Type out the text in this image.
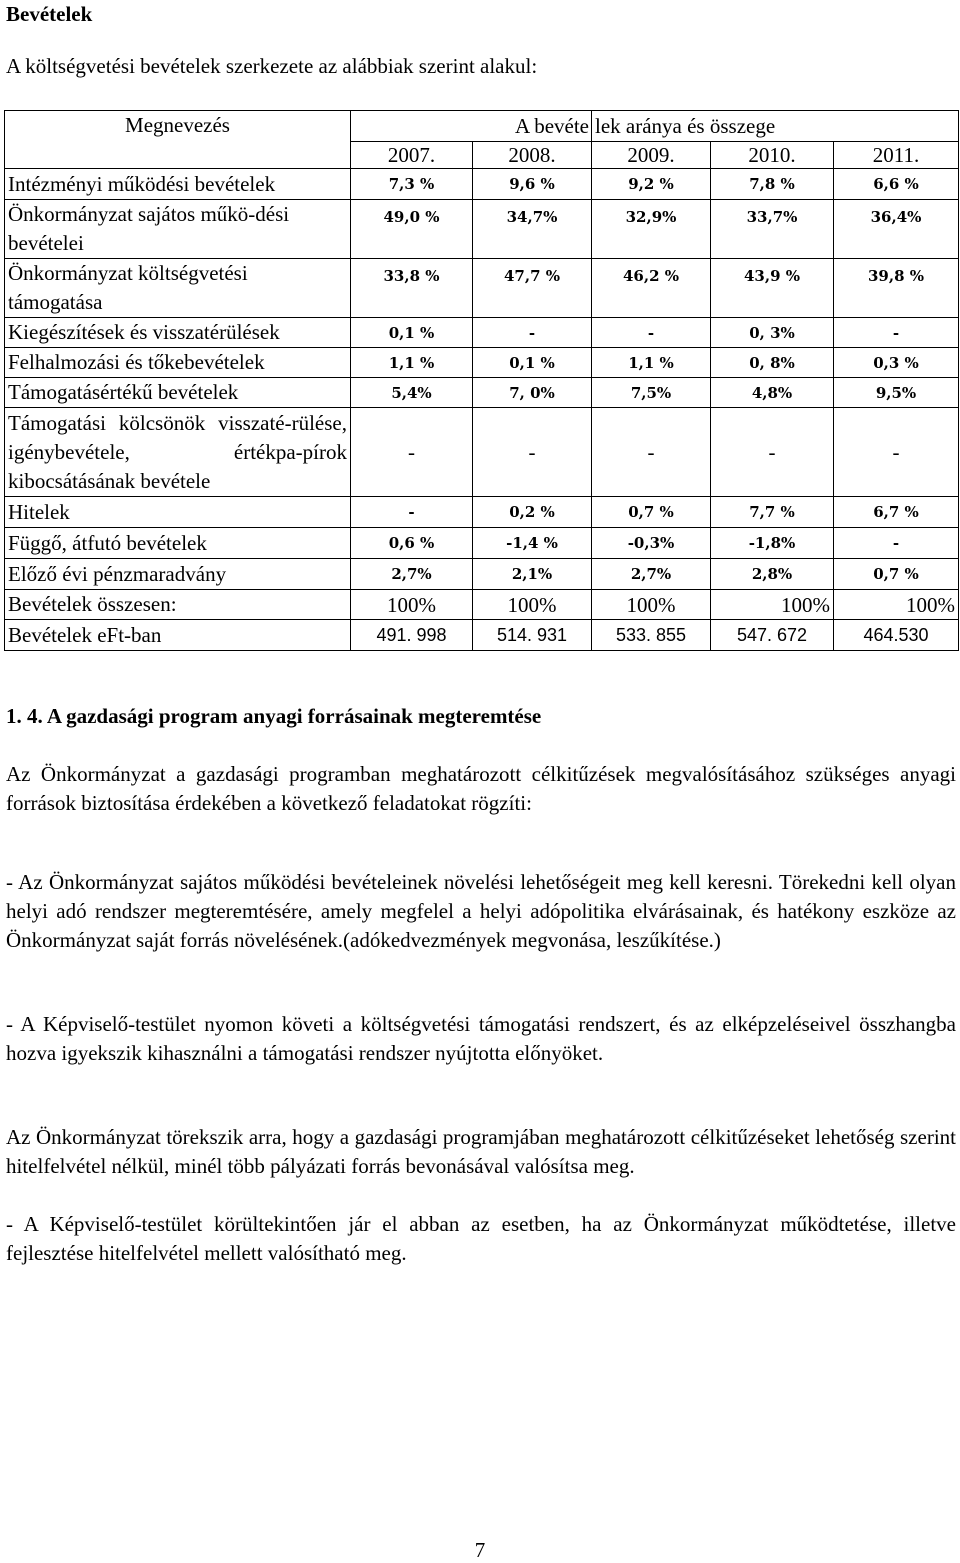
Bevételek
A költségvetési bevételek szerkezete az alábbiak szerint alakul:
Megnevezés	A bevéte		lek aránya és összege		
	2007.	2008.	2009.	2010.	2011.
Intézményi működési bevételek	7,3 %	9,6 %	9,2 %	7,8 %	6,6 %
Önkormányzat sajátos műkö-dési bevételei	49,0 %	34,7%	32,9%	33,7%	36,4%
Önkormányzat költségvetési támogatása	33,8 %	47,7 %	46,2 %	43,9 %	39,8 %
Kiegészítések és visszatérülések	0,1 %	-	-	0, 3%	-
Felhalmozási és tőkebevételek	1,1 %	0,1 %	1,1 %	0, 8%	0,3 %
Támogatásértékű bevételek	5,4%	7, 0%	7,5%	4,8%	9,5%
Támogatási kölcsönök visszaté-rülése, igénybevétele, értékpa-pírok kibocsátásának bevétele	-	-	-	-	-
Hitelek	-	0,2 %	0,7 %	7,7 %	6,7 %
Függő, átfutó bevételek	0,6 %	-1,4 %	-0,3%	-1,8%	-
Előző évi pénzmaradvány	2,7%	2,1%	2,7%	2,8%	0,7 %
Bevételek összesen:	100%	100%	100%	100%	100%
Bevételek eFt-ban	491. 998	514. 931	533. 855	547. 672	464.530
1. 4. A gazdasági program anyagi forrásainak megteremtése
Az Önkormányzat a gazdasági programban meghatározott célkitűzések megvalósításához szükséges anyagi források biztosítása érdekében a következő feladatokat rögzíti:
- Az Önkormányzat sajátos működési bevételeinek növelési lehetőségeit meg kell keresni. Törekedni kell olyan helyi adó rendszer megteremtésére, amely megfelel a helyi adópolitika elvárásainak, és hatékony eszköze az Önkormányzat saját forrás növelésének.(adókedvezmények megvonása, leszűkítése.)
- A Képviselő-testület nyomon követi a költségvetési támogatási rendszert, és az elképzeléseivel összhangba hozva igyekszik kihasználni a támogatási rendszer nyújtotta előnyöket.
Az Önkormányzat törekszik arra, hogy a gazdasági programjában meghatározott célkitűzéseket lehetőség szerint hitelfelvétel nélkül, minél több pályázati forrás bevonásával valósítsa meg.
- A Képviselő-testület körültekintően jár el abban az esetben, ha az Önkormányzat működtetése, illetve fejlesztése hitelfelvétel mellett valósítható meg.
7
